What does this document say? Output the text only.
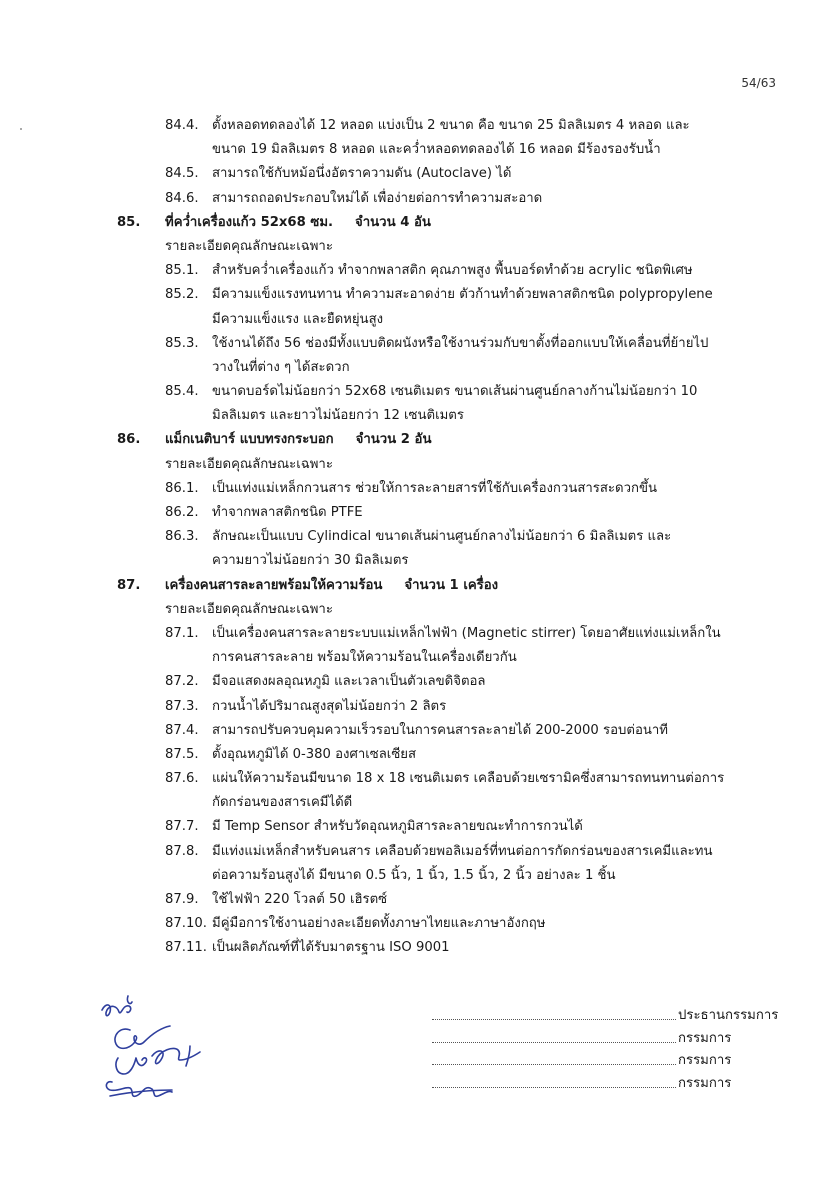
54/63
84.4.	ตั้งหลอดทดลองได้ 12 หลอด แบ่งเป็น 2 ขนาด คือ ขนาด 25 มิลลิเมตร 4 หลอด และ
ขนาด 19 มิลลิเมตร 8 หลอด และคว่ำหลอดทดลองได้ 16 หลอด มีร้องรองรับน้ำ
84.5.	สามารถใช้กับหม้อนึ่งอัตราความดัน (Autoclave) ได้
84.6.	สามารถถอดประกอบใหม่ได้ เพื่อง่ายต่อการทำความสะอาด
85. ที่คว่ำเครื่องแก้ว 52x68 ซม. จำนวน 4 อัน
รายละเอียดคุณลักษณะเฉพาะ
85.1.	สำหรับคว่ำเครื่องแก้ว ทำจากพลาสติก คุณภาพสูง พื้นบอร์ดทำด้วย acrylic ชนิดพิเศษ
85.2.	มีความแข็งแรงทนทาน ทำความสะอาดง่าย ตัวก้านทำด้วยพลาสติกชนิด polypropylene
มีความแข็งแรง และยืดหยุ่นสูง
85.3.	ใช้งานได้ถึง 56 ช่องมีทั้งแบบติดผนังหรือใช้งานร่วมกับขาตั้งที่ออกแบบให้เคลื่อนที่ย้ายไป
วางในที่ต่าง ๆ ได้สะดวก
85.4.	ขนาดบอร์ดไม่น้อยกว่า 52x68 เซนติเมตร ขนาดเส้นผ่านศูนย์กลางก้านไม่น้อยกว่า 10
มิลลิเมตร และยาวไม่น้อยกว่า 12 เซนติเมตร
86. แม็กเนติบาร์ แบบทรงกระบอก จำนวน 2 อัน
รายละเอียดคุณลักษณะเฉพาะ
86.1.	เป็นแท่งแม่เหล็กกวนสาร ช่วยให้การละลายสารที่ใช้กับเครื่องกวนสารสะดวกขึ้น
86.2.	ทำจากพลาสติกชนิด PTFE
86.3.	ลักษณะเป็นแบบ Cylindical ขนาดเส้นผ่านศูนย์กลางไม่น้อยกว่า 6 มิลลิเมตร และ
ความยาวไม่น้อยกว่า 30 มิลลิเมตร
87. เครื่องคนสารละลายพร้อมให้ความร้อน จำนวน 1 เครื่อง
รายละเอียดคุณลักษณะเฉพาะ
87.1.	เป็นเครื่องคนสารละลายระบบแม่เหล็กไฟฟ้า (Magnetic stirrer) โดยอาศัยแท่งแม่เหล็กใน
การคนสารละลาย พร้อมให้ความร้อนในเครื่องเดียวกัน
87.2.	มีจอแสดงผลอุณหภูมิ และเวลาเป็นตัวเลขดิจิตอล
87.3.	กวนน้ำได้ปริมาณสูงสุดไม่น้อยกว่า 2 ลิตร
87.4.	สามารถปรับควบคุมความเร็วรอบในการคนสารละลายได้ 200-2000 รอบต่อนาที
87.5.	ตั้งอุณหภูมิได้ 0-380 องศาเซลเซียส
87.6.	แผ่นให้ความร้อนมีขนาด 18 x 18 เซนติเมตร เคลือบด้วยเซรามิคซึ่งสามารถทนทานต่อการ
กัดกร่อนของสารเคมีได้ดี
87.7.	มี Temp Sensor สำหรับวัดอุณหภูมิสารละลายขณะทำการกวนได้
87.8.	มีแท่งแม่เหล็กสำหรับคนสาร เคลือบด้วยพอลิเมอร์ที่ทนต่อการกัดกร่อนของสารเคมีและทน
ต่อความร้อนสูงได้ มีขนาด 0.5 นิ้ว, 1 นิ้ว, 1.5 นิ้ว, 2 นิ้ว อย่างละ 1 ชิ้น
87.9.	ใช้ไฟฟ้า 220 โวลต์ 50 เฮิรตซ์
87.10. มีคู่มือการใช้งานอย่างละเอียดทั้งภาษาไทยและภาษาอังกฤษ
87.11. เป็นผลิตภัณฑ์ที่ได้รับมาตรฐาน ISO 9001
ประธานกรรมการ
กรรมการ
กรรมการ
กรรมการ
